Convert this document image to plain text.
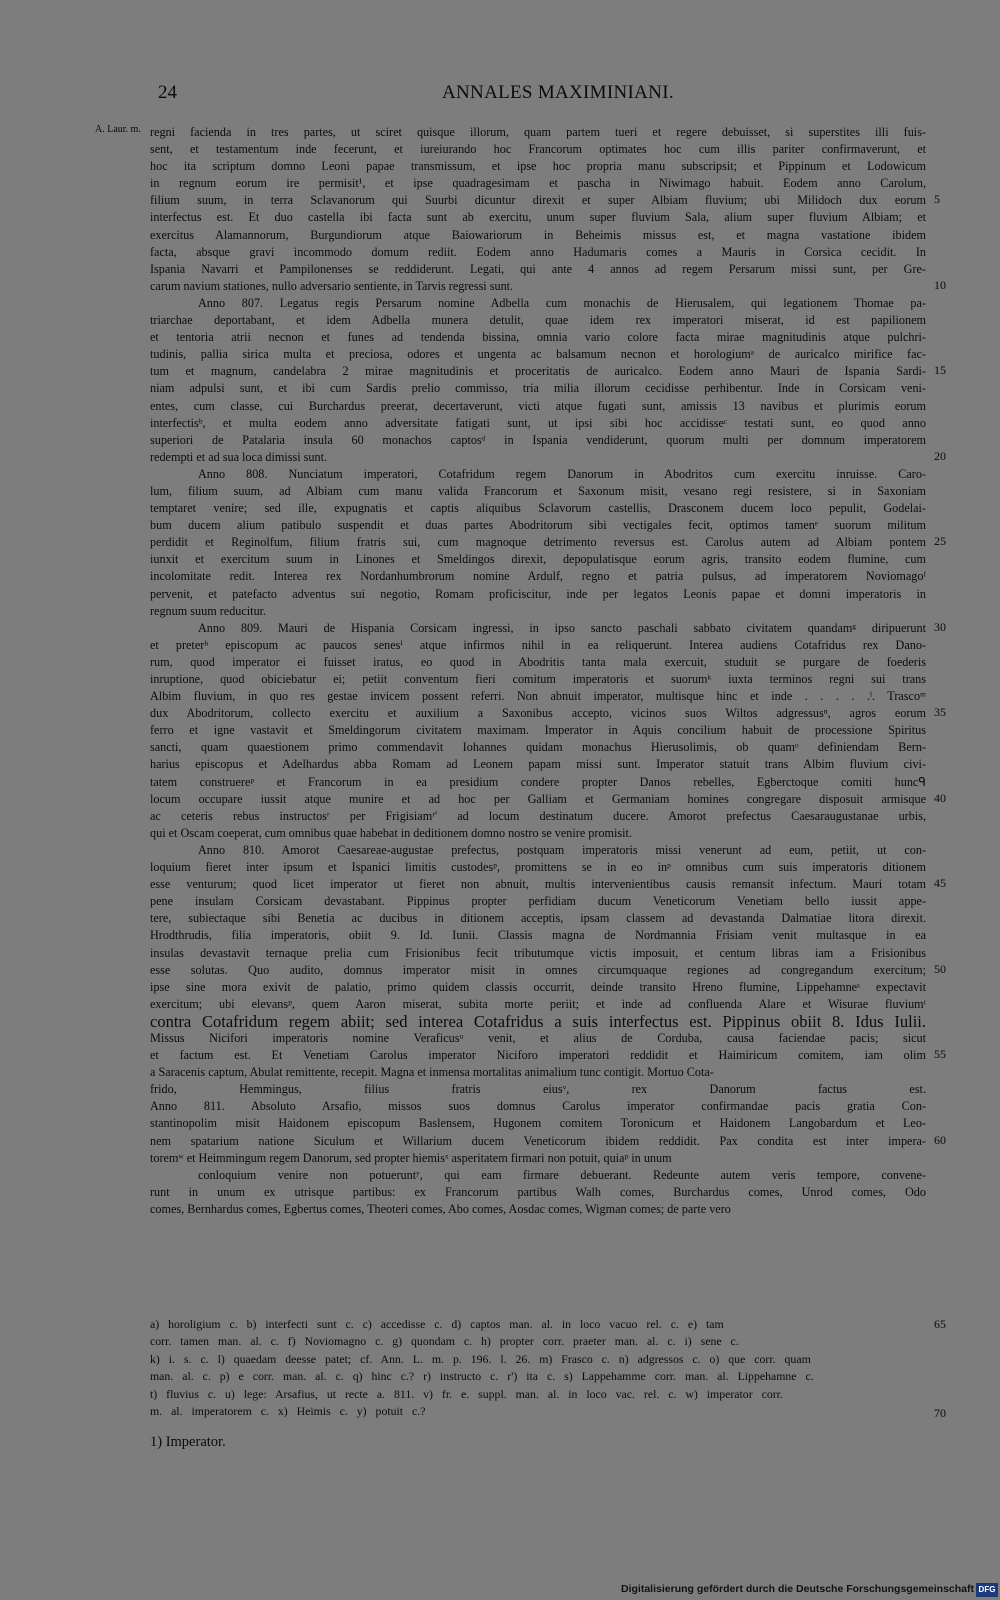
24	ANNALES MAXIMINIANI.
A. Laur. m. regni facienda in tres partes, ut sciret quisque illorum, quam partem tueri et regere debuisset, si superstites illi fuis-
sent, et testamentum inde fecerunt, et iureiurando hoc Francorum optimates hoc cum illis pariter confirmaverunt, et
hoc ita scriptum domno Leoni papae transmissum, et ipse hoc propria manu subscripsit; et Pippinum et Lodowicum
in regnum eorum ire permisit¹, et ipse quadragesimam et pascha in Niwimago habuit. Eodem anno Carolum,
filium suum, in terra Sclavanorum qui Suurbi dicuntur direxit et super Albiam fluvium; ubi Milidoch dux eorum
interfectus est. Et duo castella ibi facta sunt ab exercitu, unum super fluvium Sala, alium super fluvium Albiam; et
exercitus Alamannorum, Burgundiorum atque Baiowariorum in Beheimis missus est, et magna vastatione ibidem
facta, absque gravi incommodo domum rediit. Eodem anno Hadumaris comes a Mauris in Corsica cecidit. In
Ispania Navarri et Pampilonenses se reddiderunt. Legati, qui ante 4 annos ad regem Persarum missi sunt, per Gre-
carum navium stationes, nullo adversario sentiente, in Tarvis regressi sunt.
Anno 807. Legatus regis Persarum nomine Adbella cum monachis de Hierusalem, qui legationem Thomae pa-
triarchae deportabant, et idem Adbella munera detulit, quae idem rex imperatori miserat, id est papilionem
et tentoria atrii necnon et funes ad tendenda bissina, omnia vario colore facta mirae magnitudinis atque pulchri-
tudinis, pallia sirica multa et preciosa, odores et ungenta ac balsamum necnon et horologiumᵃ de auricalco mirifice fac-
tum et magnum, candelabra 2 mirae magnitudinis et proceritatis de auricalco. Eodem anno Mauri de Ispania Sardi-
niam adpulsi sunt, et ibi cum Sardis prelio commisso, tria milia illorum cecidisse perhibentur. Inde in Corsicam veni-
entes, cum classe, cui Burchardus preerat, decertaverunt, victi atque fugati sunt, amissis 13 navibus et plurimis eorum
interfectisᵇ, et multa eodem anno adversitate fatigati sunt, ut ipsi sibi hoc accidisseᶜ testati sunt, eo quod anno
superiori de Patalaria insula 60 monachos captosᵈ in Ispania vendiderunt, quorum multi per domnum imperatorem
redempti et ad sua loca dimissi sunt.
Anno 808. Nunciatum imperatori, Cotafridum regem Danorum in Abodritos cum exercitu inruisse. Caro-
lum, filium suum, ad Albiam cum manu valida Francorum et Saxonum misit, vesano regi resistere, si in Saxoniam
temptaret venire; sed ille, expugnatis et captis aliquibus Sclavorum castellis, Drasconem ducem loco pepulit, Godelai-
bum ducem alium patibulo suspendit et duas partes Abodritorum sibi vectigales fecit, optimos tamenᵉ suorum militum
perdidit et Reginolfum, filium fratris sui, cum magnoque detrimento reversus est. Carolus autem ad Albiam pontem
iunxit et exercitum suum in Linones et Smeldingos direxit, depopulatisque eorum agris, transito eodem flumine, cum
incolomitate redit. Interea rex Nordanhumbrorum nomine Ardulf, regno et patria pulsus, ad imperatorem Noviomagoᶠ
pervenit, et patefacto adventus sui negotio, Romam proficiscitur, inde per legatos Leonis papae et domni imperatoris in
regnum suum reducitur.
Anno 809. Mauri de Hispania Corsicam ingressi, in ipso sancto paschali sabbato civitatem quandamᵍ diripuerunt
et preterʰ episcopum ac paucos senesⁱ atque infirmos nihil in ea reliquerunt. Interea audiens Cotafridus rex Dano-
rum, quod imperator ei fuisset iratus, eo quod in Abodritis tanta mala exercuit, studuit se purgare de foederis
inruptione, quod obiciebatur ei; petiit conventum fieri comitum imperatoris et suorumᵏ iuxta terminos regni sui trans
Albim fluvium, in quo res gestae invicem possent referri. Non abnuit imperator, multisque hinc et inde . . . . .ˡ. Trascoᵐ
dux Abodritorum, collecto exercitu et auxilium a Saxonibus accepto, vicinos suos Wiltos adgressusⁿ, agros eorum
ferro et igne vastavit et Smeldingorum civitatem maximam. Imperator in Aquis concilium habuit de processione Spiritus
sancti, quam quaestionem primo commendavit Iohannes quidam monachus Hierusolimis, ob quamᵒ definiendam Bern-
harius episcopus et Adelhardus abba Romam ad Leonem papam missi sunt. Imperator statuit trans Albim fluvium civi-
tatem construereᵖ et Francorum in ea presidium condere propter Danos rebelles, Egberctoque comiti huncᑫ
locum occupare iussit atque munire et ad hoc per Galliam et Germaniam homines congregare disposuit armisque
ac ceteris rebus instructosʳ per Frigisiamʳ' ad locum destinatum ducere. Amorot prefectus Caesaraugustanae urbis,
qui et Oscam coeperat, cum omnibus quae habebat in deditionem domno nostro se venire promisit.
Anno 810. Amorot Caesareae-augustae prefectus, postquam imperatoris missi venerunt ad eum, petiit, ut con-
loquium fieret inter ipsum et Ispanici limitis custodesᵖ, promittens se in eo inᵖ omnibus cum suis imperatoris ditionem
esse venturum; quod licet imperator ut fieret non abnuit, multis intervenientibus causis remansit infectum. Mauri totam
pene insulam Corsicam devastabant. Pippinus propter perfidiam ducum Veneticorum Venetiam bello iussit appe-
tere, subiectaque sibi Benetia ac ducibus in ditionem acceptis, ipsam classem ad devastanda Dalmatiae litora direxit.
Hrodthrudis, filia imperatoris, obiit 9. Id. Iunii. Classis magna de Nordmannia Frisiam venit multasque in ea
insulas devastavit ternaque prelia cum Frisionibus fecit tributumque victis imposuit, et centum libras iam a Frisionibus
esse solutas. Quo audito, domnus imperator misit in omnes circumquaque regiones ad congregandum exercitum;
ipse sine mora exivit de palatio, primo quidem classis occurrit, deinde transito Hreno flumine, Lippehamneˢ expectavit
exercitum; ubi elevansᵖ, quem Aaron miserat, subita morte periit; et inde ad confluenda Alare et Wisurae fluviumᵗ
contra Cotafridum regem abiit; sed interea Cotafridus a suis interfectus est. Pippinus obiit 8. Idus Iulii.
Missus Nicifori imperatoris nomine Veraficusᵘ venit, et alius de Corduba, causa faciendae pacis; sicut
et factum est. Et Venetiam Carolus imperator Niciforo imperatori reddidit et Haimiricum comitem, iam olim
a Saracenis captum, Abulat remittente, recepit. Magna et inmensa mortalitas animalium tunc contigit. Mortuo Cota-
frido, Hemmingus, filius fratris eiusᵛ, rex Danorum factus est.
Anno 811. Absoluto Arsafio, missos suos domnus Carolus imperator confirmandae pacis gratia Con-
stantinopolim misit Haidonem episcopum Baslensem, Hugonem comitem Toronicum et Haidonem Langobardum et Leo-
nem spatarium natione Siculum et Willarium ducem Veneticorum ibidem reddidit. Pax condita est inter impera-
toremʷ et Heimmingum regem Danorum, sed propter hiemisˣ asperitatem firmari non potuit, quiaᵖ in unum
conloquium venire non potueruntʸ, qui eam firmare debuerant. Redeunte autem veris tempore, convene-
runt in unum ex utrisque partibus: ex Francorum partibus Walh comes, Burchardus comes, Unrod comes, Odo
comes, Bernhardus comes, Egbertus comes, Theoteri comes, Abo comes, Aosdac comes, Wigman comes; de parte vero
5
10
15
20
25
30
35
40
45
50
55
60
65
70
a) horoligium c. b) interfecti sunt c. c) accedisse c. d) captos man. al. in loco vacuo rel. c. e) tam
corr. tamen man. al. c. f) Noviomagno c. g) quondam c. h) propter corr. praeter man. al. c. i) sene c.
k) i. s. c. l) quaedam deesse patet; cf. Ann. L. m. p. 196. l. 26. m) Frasco c. n) adgressos c. o) que corr. quam
man. al. c. p) e corr. man. al. c. q) hinc c.? r) instructo c. r') ita c. s) Lappehamme corr. man. al. Lippehamne c.
t) fluvius c. u) lege: Arsafius, ut recte a. 811. v) fr. e. suppl. man. al. in loco vac. rel. c. w) imperator corr.
m. al. imperatorem c. x) Heimis c. y) potuit c.?
1) Imperator.
Digitalisierung gefördert durch die Deutsche Forschungsgemeinschaft DFG
